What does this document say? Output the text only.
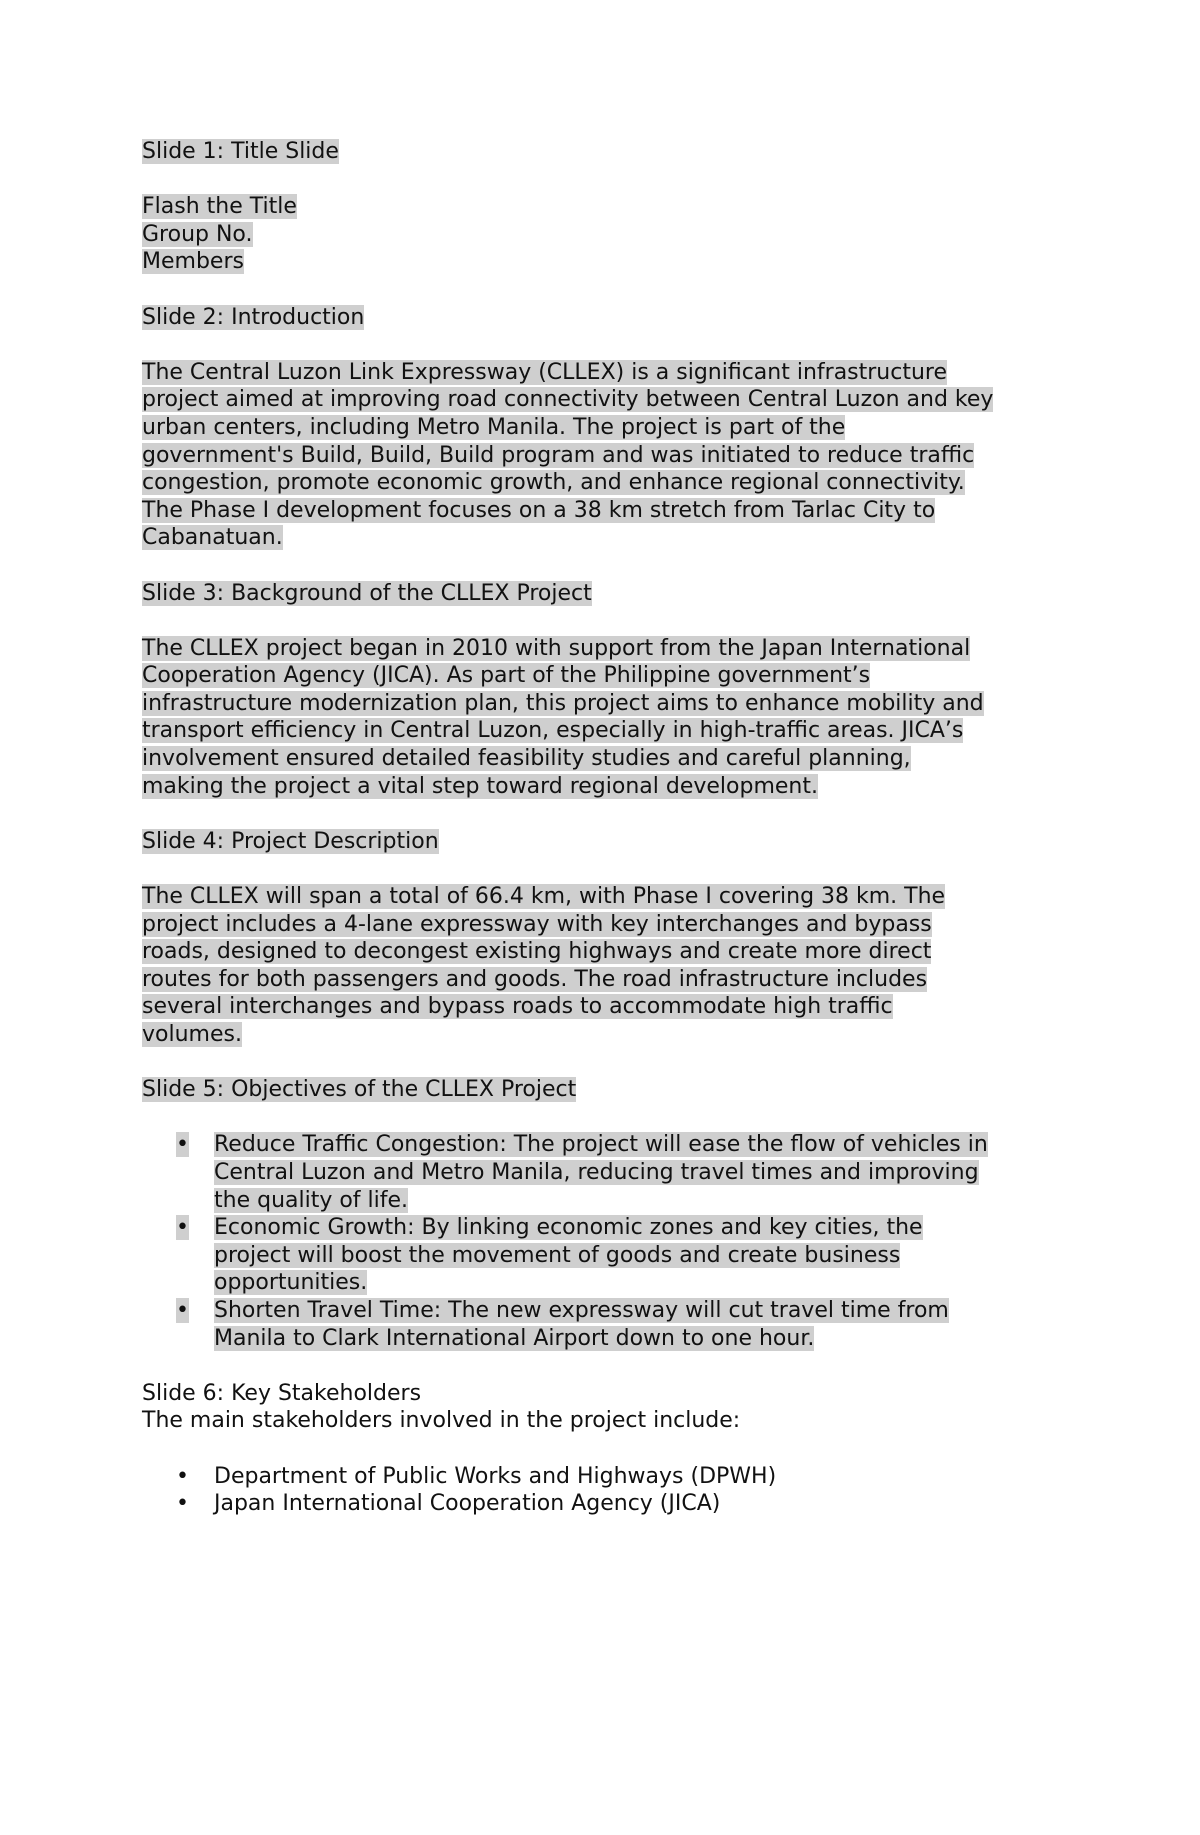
Slide 1: Title Slide
Flash the Title
Group No.
Members
Slide 2: Introduction
The Central Luzon Link Expressway (CLLEX) is a significant infrastructure
project aimed at improving road connectivity between Central Luzon and key
urban centers, including Metro Manila. The project is part of the
government's Build, Build, Build program and was initiated to reduce traffic
congestion, promote economic growth, and enhance regional connectivity.
The Phase I development focuses on a 38 km stretch from Tarlac City to
Cabanatuan.
Slide 3: Background of the CLLEX Project
The CLLEX project began in 2010 with support from the Japan International
Cooperation Agency (JICA). As part of the Philippine government’s
infrastructure modernization plan, this project aims to enhance mobility and
transport efficiency in Central Luzon, especially in high-traffic areas. JICA’s
involvement ensured detailed feasibility studies and careful planning,
making the project a vital step toward regional development.
Slide 4: Project Description
The CLLEX will span a total of 66.4 km, with Phase I covering 38 km. The
project includes a 4-lane expressway with key interchanges and bypass
roads, designed to decongest existing highways and create more direct
routes for both passengers and goods. The road infrastructure includes
several interchanges and bypass roads to accommodate high traffic
volumes.
Slide 5: Objectives of the CLLEX Project
•	Reduce Traffic Congestion: The project will ease the flow of vehicles in
Central Luzon and Metro Manila, reducing travel times and improving
the quality of life.
•	Economic Growth: By linking economic zones and key cities, the
project will boost the movement of goods and create business
opportunities.
•	Shorten Travel Time: The new expressway will cut travel time from
Manila to Clark International Airport down to one hour.
Slide 6: Key Stakeholders
The main stakeholders involved in the project include:
•	Department of Public Works and Highways (DPWH)
•	Japan International Cooperation Agency (JICA)
